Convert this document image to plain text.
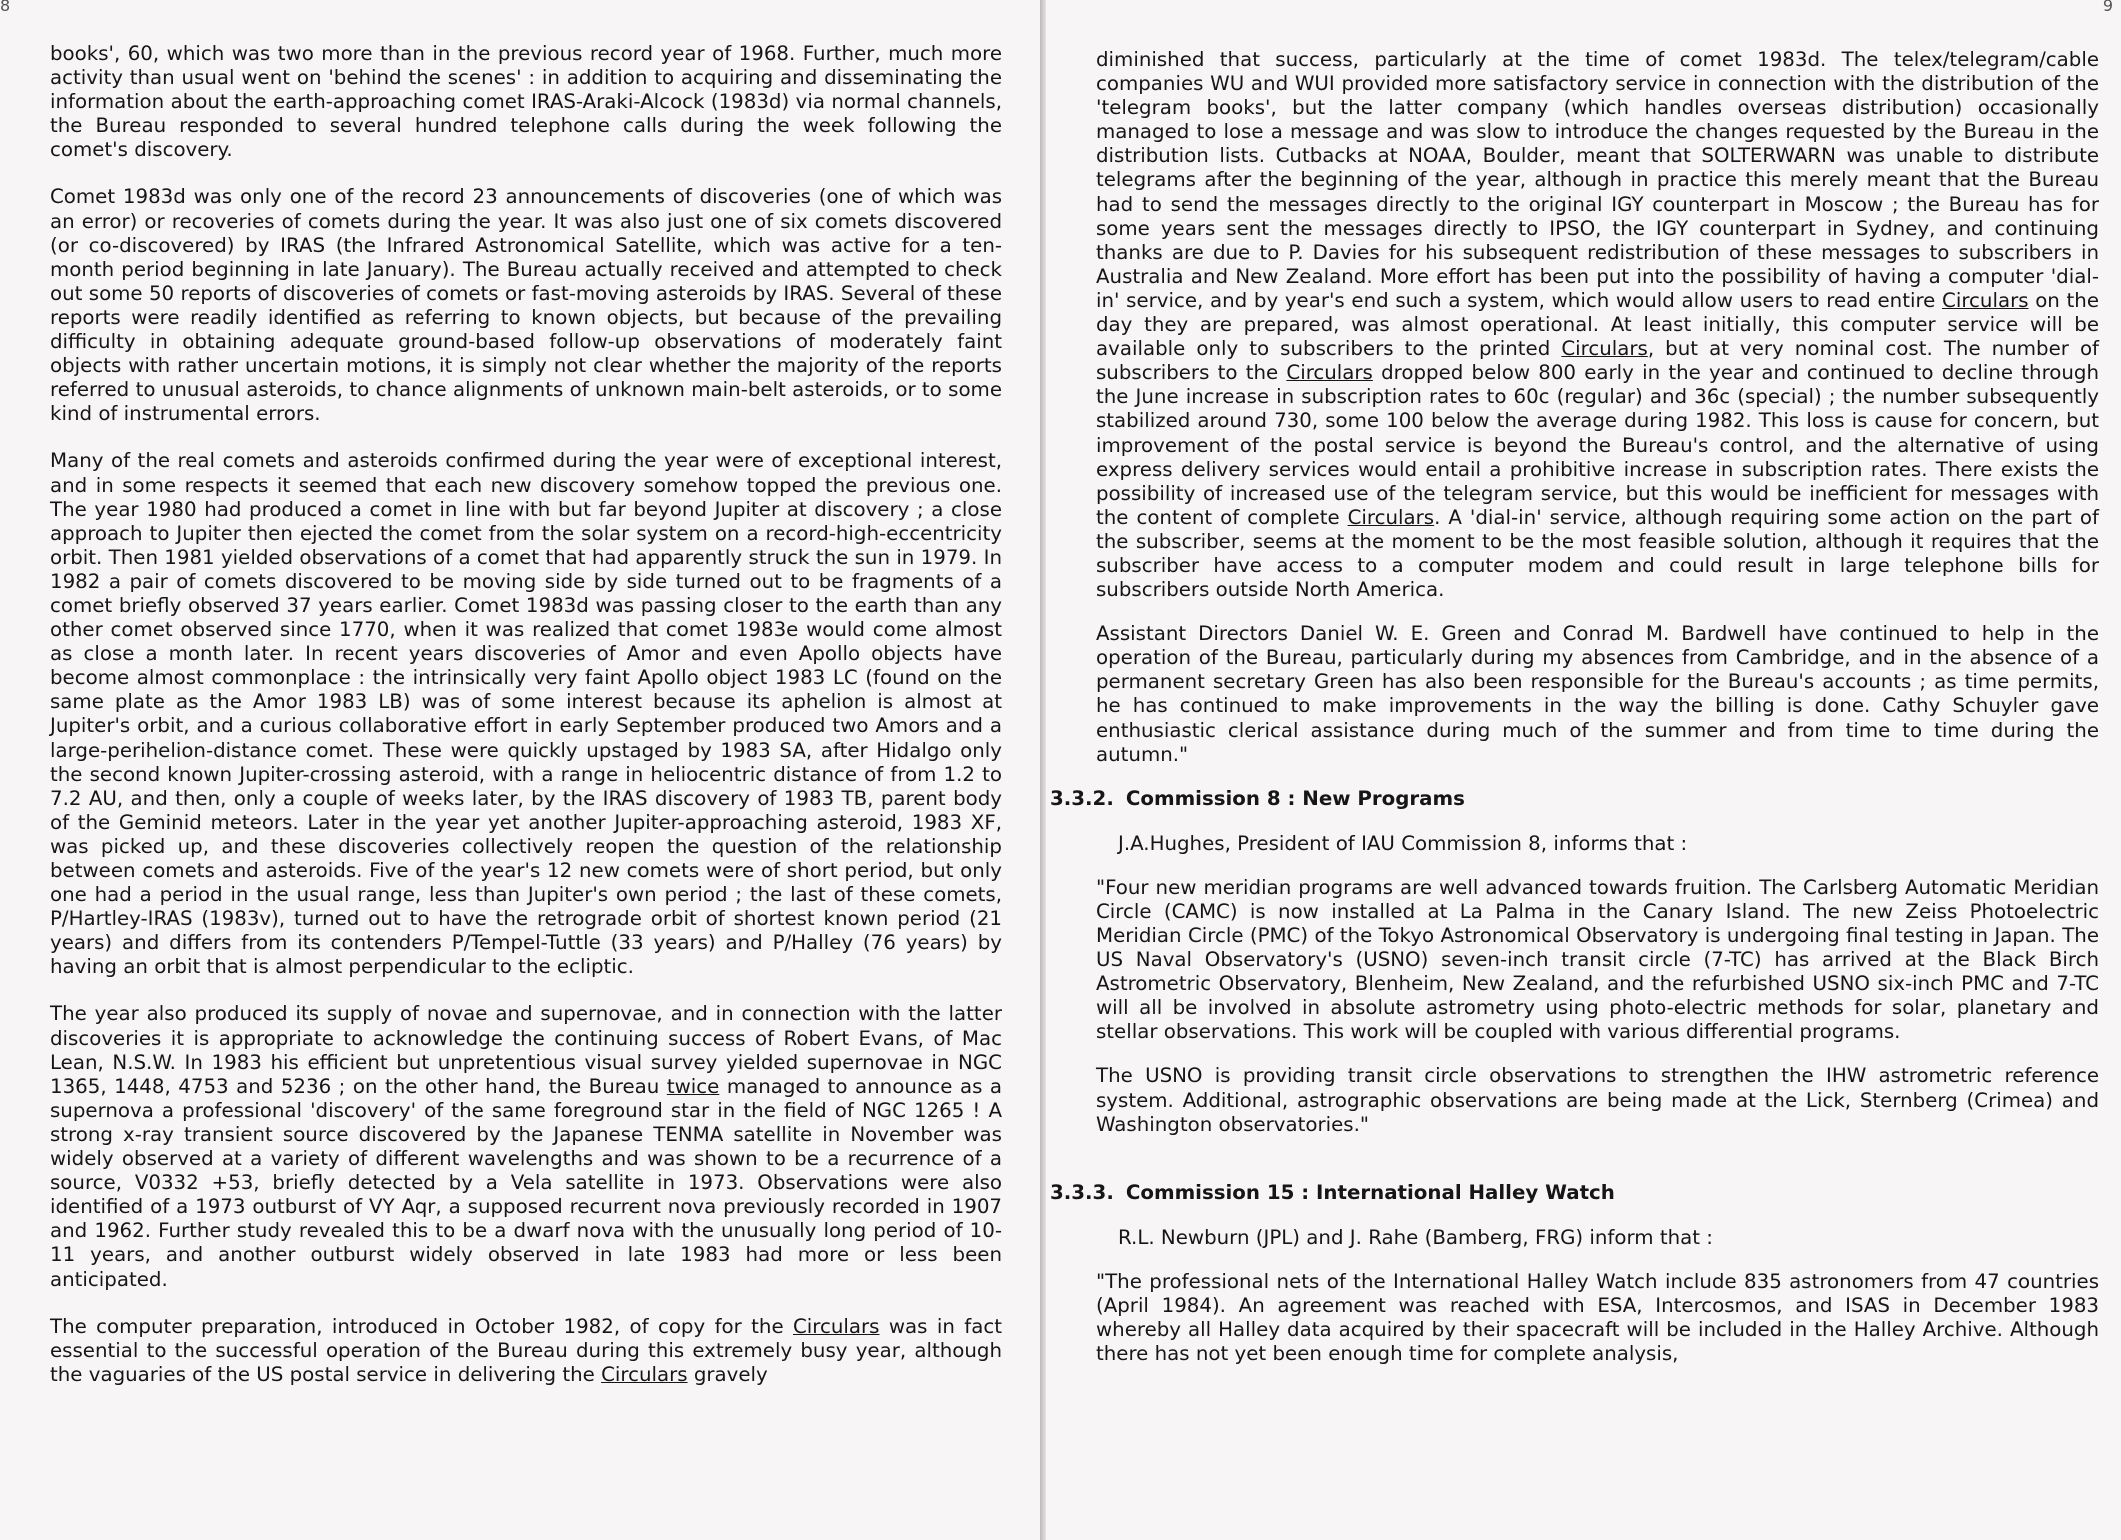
8

books', 60, which was two more than in the previous record year of 1968. Further, much more activity than usual went on 'behind the scenes' : in addition to acquiring and disseminating the information about the earth-approaching comet IRAS-Araki-Alcock (1983d) via normal channels, the Bureau responded to several hundred telephone calls during the week following the comet's discovery.

Comet 1983d was only one of the record 23 announcements of discoveries (one of which was an error) or recoveries of comets during the year. It was also just one of six comets discovered (or co-discovered) by IRAS (the Infrared Astronomical Satellite, which was active for a ten-month period beginning in late January). The Bureau actually received and attempted to check out some 50 reports of discoveries of comets or fast-moving asteroids by IRAS. Several of these reports were readily identified as referring to known objects, but because of the prevailing difficulty in obtaining adequate ground-based follow-up observations of moderately faint objects with rather uncertain motions, it is simply not clear whether the majority of the reports referred to unusual asteroids, to chance alignments of unknown main-belt asteroids, or to some kind of instrumental errors.

Many of the real comets and asteroids confirmed during the year were of exceptional interest, and in some respects it seemed that each new discovery somehow topped the previous one. The year 1980 had produced a comet in line with but far beyond Jupiter at discovery ; a close approach to Jupiter then ejected the comet from the solar system on a record-high-eccentricity orbit. Then 1981 yielded observations of a comet that had apparently struck the sun in 1979. In 1982 a pair of comets discovered to be moving side by side turned out to be fragments of a comet briefly observed 37 years earlier. Comet 1983d was passing closer to the earth than any other comet observed since 1770, when it was realized that comet 1983e would come almost as close a month later. In recent years discoveries of Amor and even Apollo objects have become almost commonplace : the intrinsically very faint Apollo object 1983 LC (found on the same plate as the Amor 1983 LB) was of some interest because its aphelion is almost at Jupiter's orbit, and a curious collaborative effort in early September produced two Amors and a large-perihelion-distance comet. These were quickly upstaged by 1983 SA, after Hidalgo only the second known Jupiter-crossing asteroid, with a range in heliocentric distance of from 1.2 to 7.2 AU, and then, only a couple of weeks later, by the IRAS discovery of 1983 TB, parent body of the Geminid meteors. Later in the year yet another Jupiter-approaching asteroid, 1983 XF, was picked up, and these discoveries collectively reopen the question of the relationship between comets and asteroids. Five of the year's 12 new comets were of short period, but only one had a period in the usual range, less than Jupiter's own period ; the last of these comets, P/Hartley-IRAS (1983v), turned out to have the retrograde orbit of shortest known period (21 years) and differs from its contenders P/Tempel-Tuttle (33 years) and P/Halley (76 years) by having an orbit that is almost perpendicular to the ecliptic.

The year also produced its supply of novae and supernovae, and in connection with the latter discoveries it is appropriate to acknowledge the continuing success of Robert Evans, of Mac Lean, N.S.W. In 1983 his efficient but unpretentious visual survey yielded supernovae in NGC 1365, 1448, 4753 and 5236 ; on the other hand, the Bureau twice managed to announce as a supernova a professional 'discovery' of the same foreground star in the field of NGC 1265 ! A strong x-ray transient source discovered by the Japanese TENMA satellite in November was widely observed at a variety of different wavelengths and was shown to be a recurrence of a source, V0332 +53, briefly detected by a Vela satellite in 1973. Observations were also identified of a 1973 outburst of VY Aqr, a supposed recurrent nova previously recorded in 1907 and 1962. Further study revealed this to be a dwarf nova with the unusually long period of 10-11 years, and another outburst widely observed in late 1983 had more or less been anticipated.

The computer preparation, introduced in October 1982, of copy for the Circulars was in fact essential to the successful operation of the Bureau during this extremely busy year, although the vaguaries of the US postal service in delivering the Circulars gravely

9

diminished that success, particularly at the time of comet 1983d. The telex/telegram/cable companies WU and WUI provided more satisfactory service in connection with the distribution of the 'telegram books', but the latter company (which handles overseas distribution) occasionally managed to lose a message and was slow to introduce the changes requested by the Bureau in the distribution lists. Cutbacks at NOAA, Boulder, meant that SOLTERWARN was unable to distribute telegrams after the beginning of the year, although in practice this merely meant that the Bureau had to send the messages directly to the original IGY counterpart in Moscow ; the Bureau has for some years sent the messages directly to IPSO, the IGY counterpart in Sydney, and continuing thanks are due to P. Davies for his subsequent redistribution of these messages to subscribers in Australia and New Zealand. More effort has been put into the possibility of having a computer 'dial-in' service, and by year's end such a system, which would allow users to read entire Circulars on the day they are prepared, was almost operational. At least initially, this computer service will be available only to subscribers to the printed Circulars, but at very nominal cost. The number of subscribers to the Circulars dropped below 800 early in the year and continued to decline through the June increase in subscription rates to 60c (regular) and 36c (special) ; the number subsequently stabilized around 730, some 100 below the average during 1982. This loss is cause for concern, but improvement of the postal service is beyond the Bureau's control, and the alternative of using express delivery services would entail a prohibitive increase in subscription rates. There exists the possibility of increased use of the telegram service, but this would be inefficient for messages with the content of complete Circulars. A 'dial-in' service, although requiring some action on the part of the subscriber, seems at the moment to be the most feasible solution, although it requires that the subscriber have access to a computer modem and could result in large telephone bills for subscribers outside North America.

Assistant Directors Daniel W. E. Green and Conrad M. Bardwell have continued to help in the operation of the Bureau, particularly during my absences from Cambridge, and in the absence of a permanent secretary Green has also been responsible for the Bureau's accounts ; as time permits, he has continued to make improvements in the way the billing is done. Cathy Schuyler gave enthusiastic clerical assistance during much of the summer and from time to time during the autumn."

3.3.2. Commission 8 : New Programs

J.A.Hughes, President of IAU Commission 8, informs that :

"Four new meridian programs are well advanced towards fruition. The Carlsberg Automatic Meridian Circle (CAMC) is now installed at La Palma in the Canary Island. The new Zeiss Photoelectric Meridian Circle (PMC) of the Tokyo Astronomical Observatory is undergoing final testing in Japan. The US Naval Observatory's (USNO) seven-inch transit circle (7-TC) has arrived at the Black Birch Astrometric Observatory, Blenheim, New Zealand, and the refurbished USNO six-inch PMC and 7-TC will all be involved in absolute astrometry using photo-electric methods for solar, planetary and stellar observations. This work will be coupled with various differential programs.

The USNO is providing transit circle observations to strengthen the IHW astrometric reference system. Additional, astrographic observations are being made at the Lick, Sternberg (Crimea) and Washington observatories."

3.3.3. Commission 15 : International Halley Watch

R.L. Newburn (JPL) and J. Rahe (Bamberg, FRG) inform that :

"The professional nets of the International Halley Watch include 835 astronomers from 47 countries (April 1984). An agreement was reached with ESA, Intercosmos, and ISAS in December 1983 whereby all Halley data acquired by their spacecraft will be included in the Halley Archive. Although there has not yet been enough time for complete analysis,
